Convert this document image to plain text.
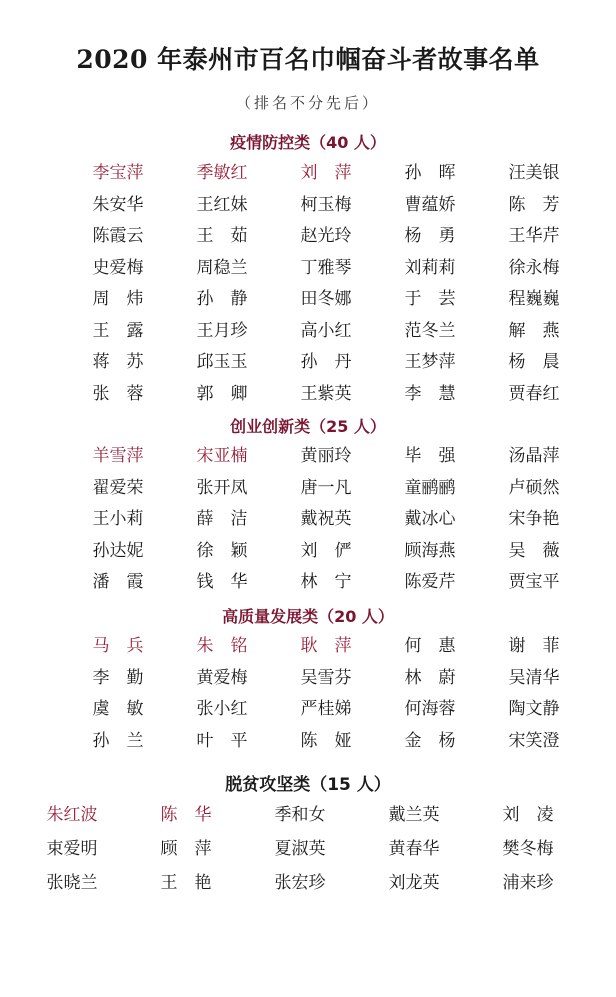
2020 年泰州市百名巾帼奋斗者故事名单
（排名不分先后）
疫情防控类（40 人）
李宝萍	季敏红	刘　萍	孙　晖	汪美银
朱安华	王红妹	柯玉梅	曹蕴娇	陈　芳
陈霞云	王　茹	赵光玲	杨　勇	王华芹
史爱梅	周稳兰	丁雅琴	刘莉莉	徐永梅
周　炜	孙　静	田冬娜	于　芸	程巍巍
王　露	王月珍	高小红	范冬兰	解　燕
蒋　苏	邱玉玉	孙　丹	王梦萍	杨　晨
张　蓉	郭　卿	王紫英	李　慧	贾春红
创业创新类（25 人）
羊雪萍	宋亚楠	黄丽玲	毕　强	汤晶萍
翟爱荣	张开凤	唐一凡	童鹂鹂	卢硕然
王小莉	薛　洁	戴祝英	戴冰心	宋争艳
孙达妮	徐　颖	刘　俨	顾海燕	吴　薇
潘　霞	钱　华	林　宁	陈爱芹	贾宝平
高质量发展类（20 人）
马　兵	朱　铭	耿　萍	何　惠	谢　菲
李　勤	黄爱梅	吴雪芬	林　蔚	吴清华
虞　敏	张小红	严桂娣	何海蓉	陶文静
孙　兰	叶　平	陈　娅	金　杨	宋笑澄
脱贫攻坚类（15 人）
朱红波	陈　华	季和女	戴兰英	刘　凌
束爱明	顾　萍	夏淑英	黄春华	樊冬梅
张晓兰	王　艳	张宏珍	刘龙英	浦来珍
